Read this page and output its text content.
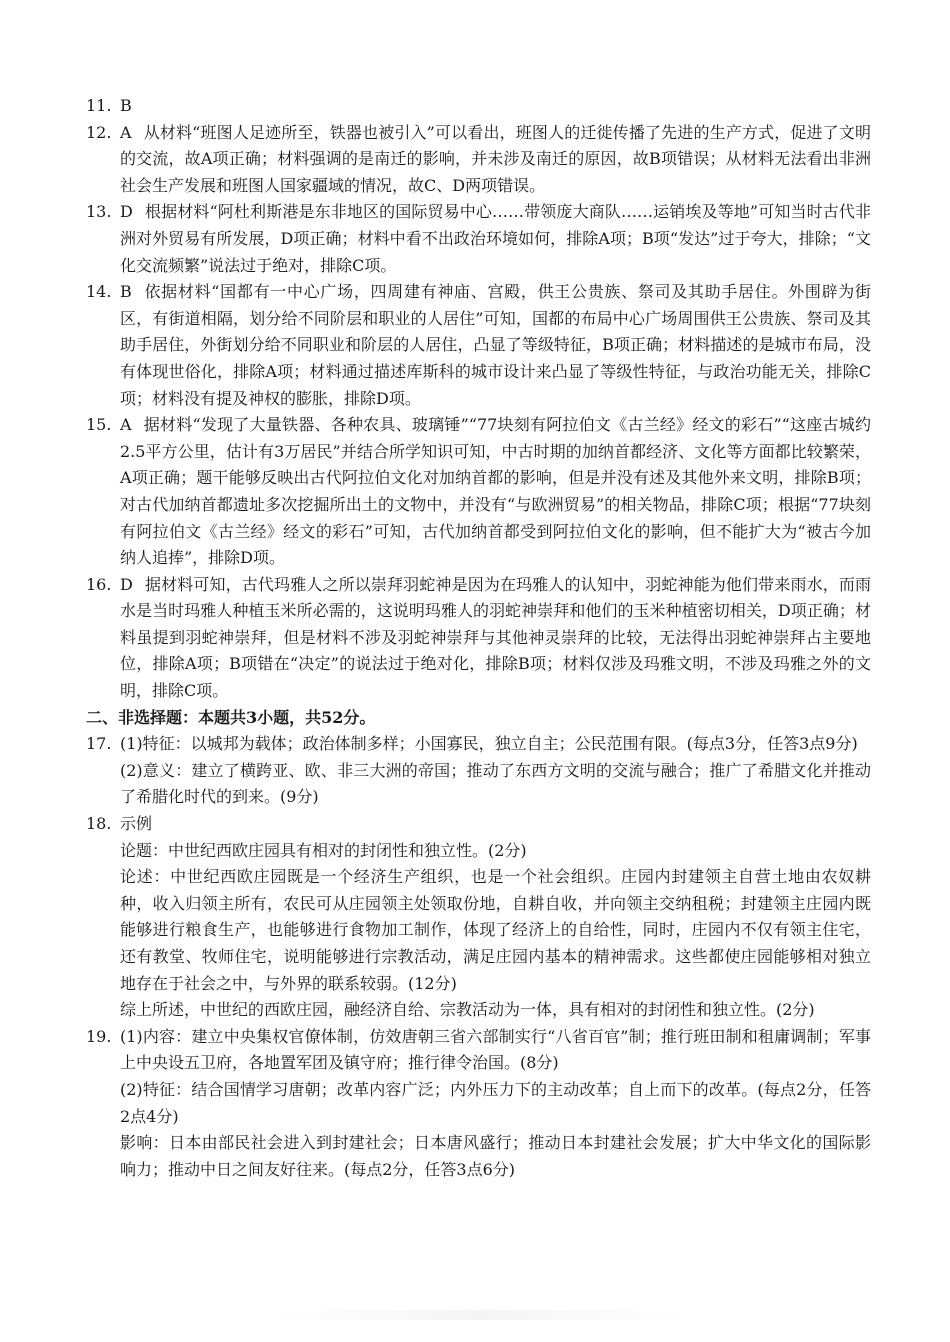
11. B
12. A 从材料“班图人足迹所至，铁器也被引入”可以看出，班图人的迁徙传播了先进的生产方式，促进了文明的交流，故A项正确；材料强调的是南迁的影响，并未涉及南迁的原因，故B项错误；从材料无法看出非洲社会生产发展和班图人国家疆域的情况，故C、D两项错误。

13. D 根据材料“阿杜利斯港是东非地区的国际贸易中心……带领庞大商队……运销埃及等地”可知当时古代非洲对外贸易有所发展，D项正确；材料中看不出政治环境如何，排除A项；B项“发达”过于夸大，排除；“文化交流频繁”说法过于绝对，排除C项。

14. B 依据材料“国都有一中心广场，四周建有神庙、宫殿，供王公贵族、祭司及其助手居住。外围辟为街区，有街道相隔，划分给不同阶层和职业的人居住”可知，国都的布局中心广场周围供王公贵族、祭司及其助手居住，外街划分给不同职业和阶层的人居住，凸显了等级特征，B项正确；材料描述的是城市布局，没有体现世俗化，排除A项；材料通过描述库斯科的城市设计来凸显了等级性特征，与政治功能无关，排除C项；材料没有提及神权的膨胀，排除D项。

15. A 据材料“发现了大量铁器、各种农具、玻璃锤”“77块刻有阿拉伯文《古兰经》经文的彩石”“这座古城约2.5平方公里，估计有3万居民”并结合所学知识可知，中古时期的加纳首都经济、文化等方面都比较繁荣，A项正确；题干能够反映出古代阿拉伯文化对加纳首都的影响，但是并没有述及其他外来文明，排除B项；对古代加纳首都遗址多次挖掘所出土的文物中，并没有“与欧洲贸易”的相关物品，排除C项；根据“77块刻有阿拉伯文《古兰经》经文的彩石”可知，古代加纳首都受到阿拉伯文化的影响，但不能扩大为“被古今加纳人追捧”，排除D项。

16. D 据材料可知，古代玛雅人之所以崇拜羽蛇神是因为在玛雅人的认知中，羽蛇神能为他们带来雨水，而雨水是当时玛雅人种植玉米所必需的，这说明玛雅人的羽蛇神崇拜和他们的玉米种植密切相关，D项正确；材料虽提到羽蛇神崇拜，但是材料不涉及羽蛇神崇拜与其他神灵崇拜的比较，无法得出羽蛇神崇拜占主要地位，排除A项；B项错在“决定”的说法过于绝对化，排除B项；材料仅涉及玛雅文明，不涉及玛雅之外的文明，排除C项。

二、非选择题：本题共3小题，共52分。
17. (1)特征：以城邦为载体；政治体制多样；小国寡民，独立自主；公民范围有限。(每点3分，任答3点9分)

(2)意义：建立了横跨亚、欧、非三大洲的帝国；推动了东西方文明的交流与融合；推广了希腊文化并推动了希腊化时代的到来。(9分)

18. 示例

论题：中世纪西欧庄园具有相对的封闭性和独立性。(2分)

论述：中世纪西欧庄园既是一个经济生产组织，也是一个社会组织。庄园内封建领主自营土地由农奴耕种，收入归领主所有，农民可从庄园领主处领取份地，自耕自收，并向领主交纳租税；封建领主庄园内既能够进行粮食生产，也能够进行食物加工制作，体现了经济上的自给性，同时，庄园内不仅有领主住宅，还有教堂、牧师住宅，说明能够进行宗教活动，满足庄园内基本的精神需求。这些都使庄园能够相对独立地存在于社会之中，与外界的联系较弱。(12分)

综上所述，中世纪的西欧庄园，融经济自给、宗教活动为一体，具有相对的封闭性和独立性。(2分)

19. (1)内容：建立中央集权官僚体制，仿效唐朝三省六部制实行“八省百官”制；推行班田制和租庸调制；军事上中央设五卫府，各地置军团及镇守府；推行律令治国。(8分)

(2)特征：结合国情学习唐朝；改革内容广泛；内外压力下的主动改革；自上而下的改革。(每点2分，任答2点4分)

影响：日本由部民社会进入到封建社会；日本唐风盛行；推动日本封建社会发展；扩大中华文化的国际影响力；推动中日之间友好往来。(每点2分，任答3点6分)
